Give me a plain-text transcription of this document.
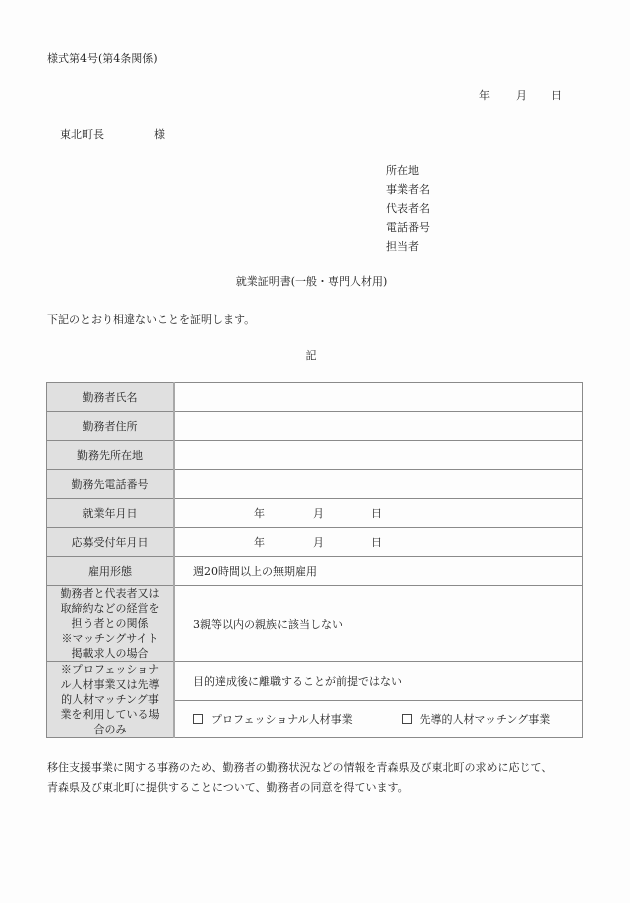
様式第4号(第4条関係)
年 月 日
東北町長	様
所在地
事業者名
代表者名
電話番号
担当者
就業証明書(一般・専門人材用)
下記のとおり相違ないことを証明します。
記
勤務者氏名	
勤務者住所	
勤務先所在地	
勤務先電話番号	
就業年月日	年 月 日

応募受付年月日	年 月 日

雇用形態	週20時間以上の無期雇用

勤務者と代表者又は
取締約などの経営を
担う者との関係
※マッチングサイト
掲載求人の場合	3親等以内の親族に該当しない

※プロフェッショナ
ル人材事業又は先導
的人材マッチング事
業を利用している場
合のみ	目的達成後に離職することが前提ではない

	プロフェッショナル人材事業
先導的人材マッチング事業
移住支援事業に関する事務のため、勤務者の勤務状況などの情報を青森県及び東北町の求めに応じて、
青森県及び東北町に提供することについて、勤務者の同意を得ています。
